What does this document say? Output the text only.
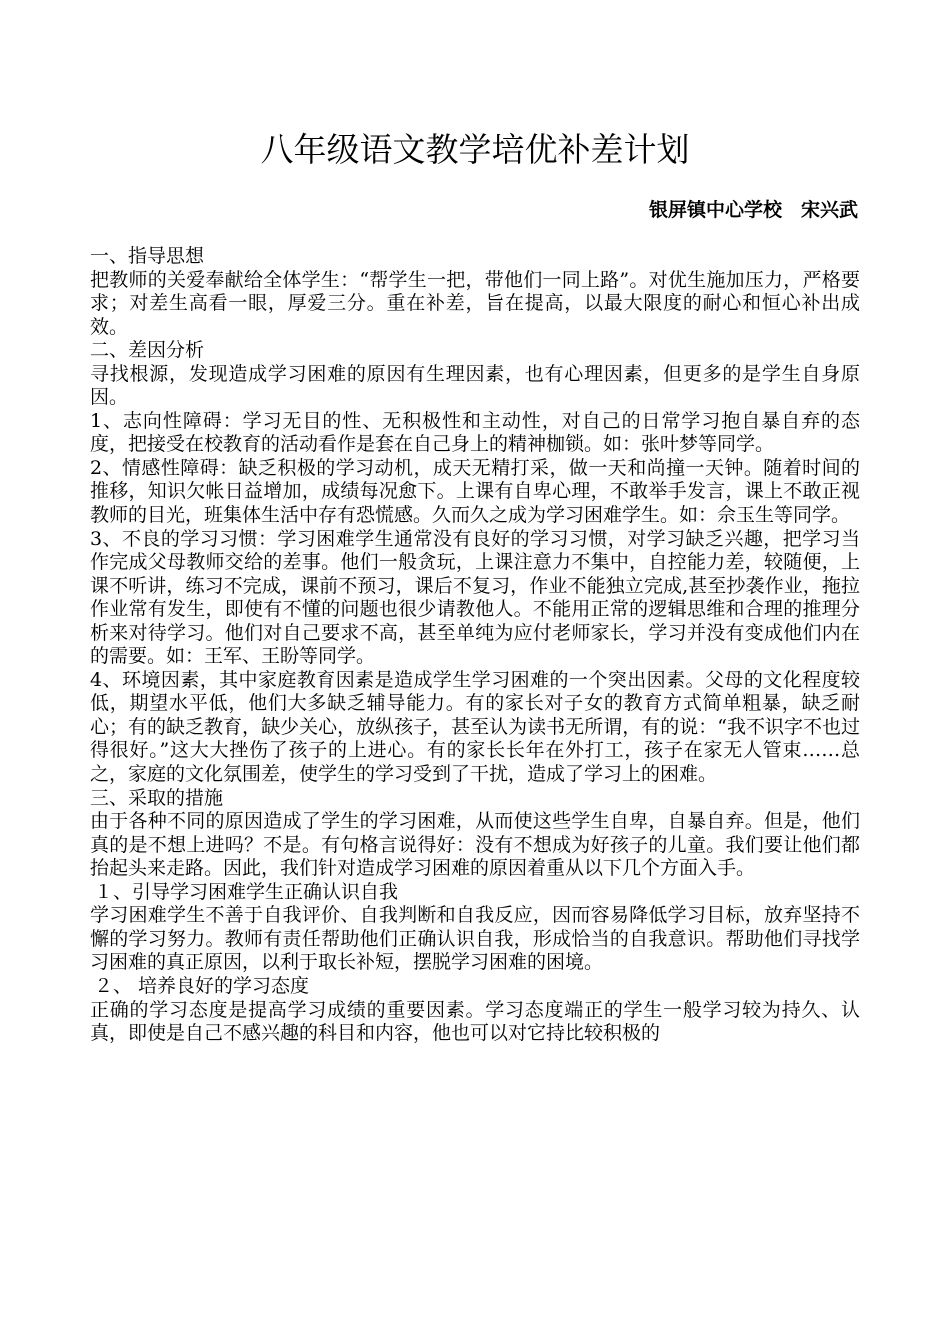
八年级语文教学培优补差计划
银屏镇中心学校　宋兴武

一、指导思想

把教师的关爱奉献给全体学生：“帮学生一把，带他们一同上路”。对优生施加压力，严格要求；对差生高看一眼，厚爱三分。重在补差，旨在提高，以最大限度的耐心和恒心补出成效。

二、差因分析

寻找根源，发现造成学习困难的原因有生理因素，也有心理因素，但更多的是学生自身原因。

1、志向性障碍：学习无目的性、无积极性和主动性，对自己的日常学习抱自暴自弃的态度，把接受在校教育的活动看作是套在自己身上的精神枷锁。如：张叶梦等同学。

2、情感性障碍：缺乏积极的学习动机，成天无精打采，做一天和尚撞一天钟。随着时间的推移，知识欠帐日益增加，成绩每况愈下。上课有自卑心理，不敢举手发言，课上不敢正视教师的目光，班集体生活中存有恐慌感。久而久之成为学习困难学生。如：佘玉生等同学。

3、不良的学习习惯：学习困难学生通常没有良好的学习习惯，对学习缺乏兴趣，把学习当作完成父母教师交给的差事。他们一般贪玩，上课注意力不集中，自控能力差，较随便，上课不听讲，练习不完成，课前不预习，课后不复习，作业不能独立完成,甚至抄袭作业，拖拉作业常有发生，即使有不懂的问题也很少请教他人。不能用正常的逻辑思维和合理的推理分析来对待学习。他们对自己要求不高，甚至单纯为应付老师家长，学习并没有变成他们内在的需要。如：王军、王盼等同学。

4、环境因素，其中家庭教育因素是造成学生学习困难的一个突出因素。父母的文化程度较低，期望水平低，他们大多缺乏辅导能力。有的家长对子女的教育方式简单粗暴，缺乏耐心；有的缺乏教育，缺少关心，放纵孩子，甚至认为读书无所谓，有的说：“我不识字不也过得很好。”这大大挫伤了孩子的上进心。有的家长长年在外打工，孩子在家无人管束……总之，家庭的文化氛围差，使学生的学习受到了干扰，造成了学习上的困难。

三、采取的措施

由于各种不同的原因造成了学生的学习困难，从而使这些学生自卑，自暴自弃。但是，他们真的是不想上进吗？不是。有句格言说得好：没有不想成为好孩子的儿童。我们要让他们都抬起头来走路。因此，我们针对造成学习困难的原因着重从以下几个方面入手。

１、引导学习困难学生正确认识自我

学习困难学生不善于自我评价、自我判断和自我反应，因而容易降低学习目标，放弃坚持不懈的学习努力。教师有责任帮助他们正确认识自我，形成恰当的自我意识。帮助他们寻找学习困难的真正原因，以利于取长补短，摆脱学习困难的困境。

２、 培养良好的学习态度

正确的学习态度是提高学习成绩的重要因素。学习态度端正的学生一般学习较为持久、认真，即使是自己不感兴趣的科目和内容，他也可以对它持比较积极的
